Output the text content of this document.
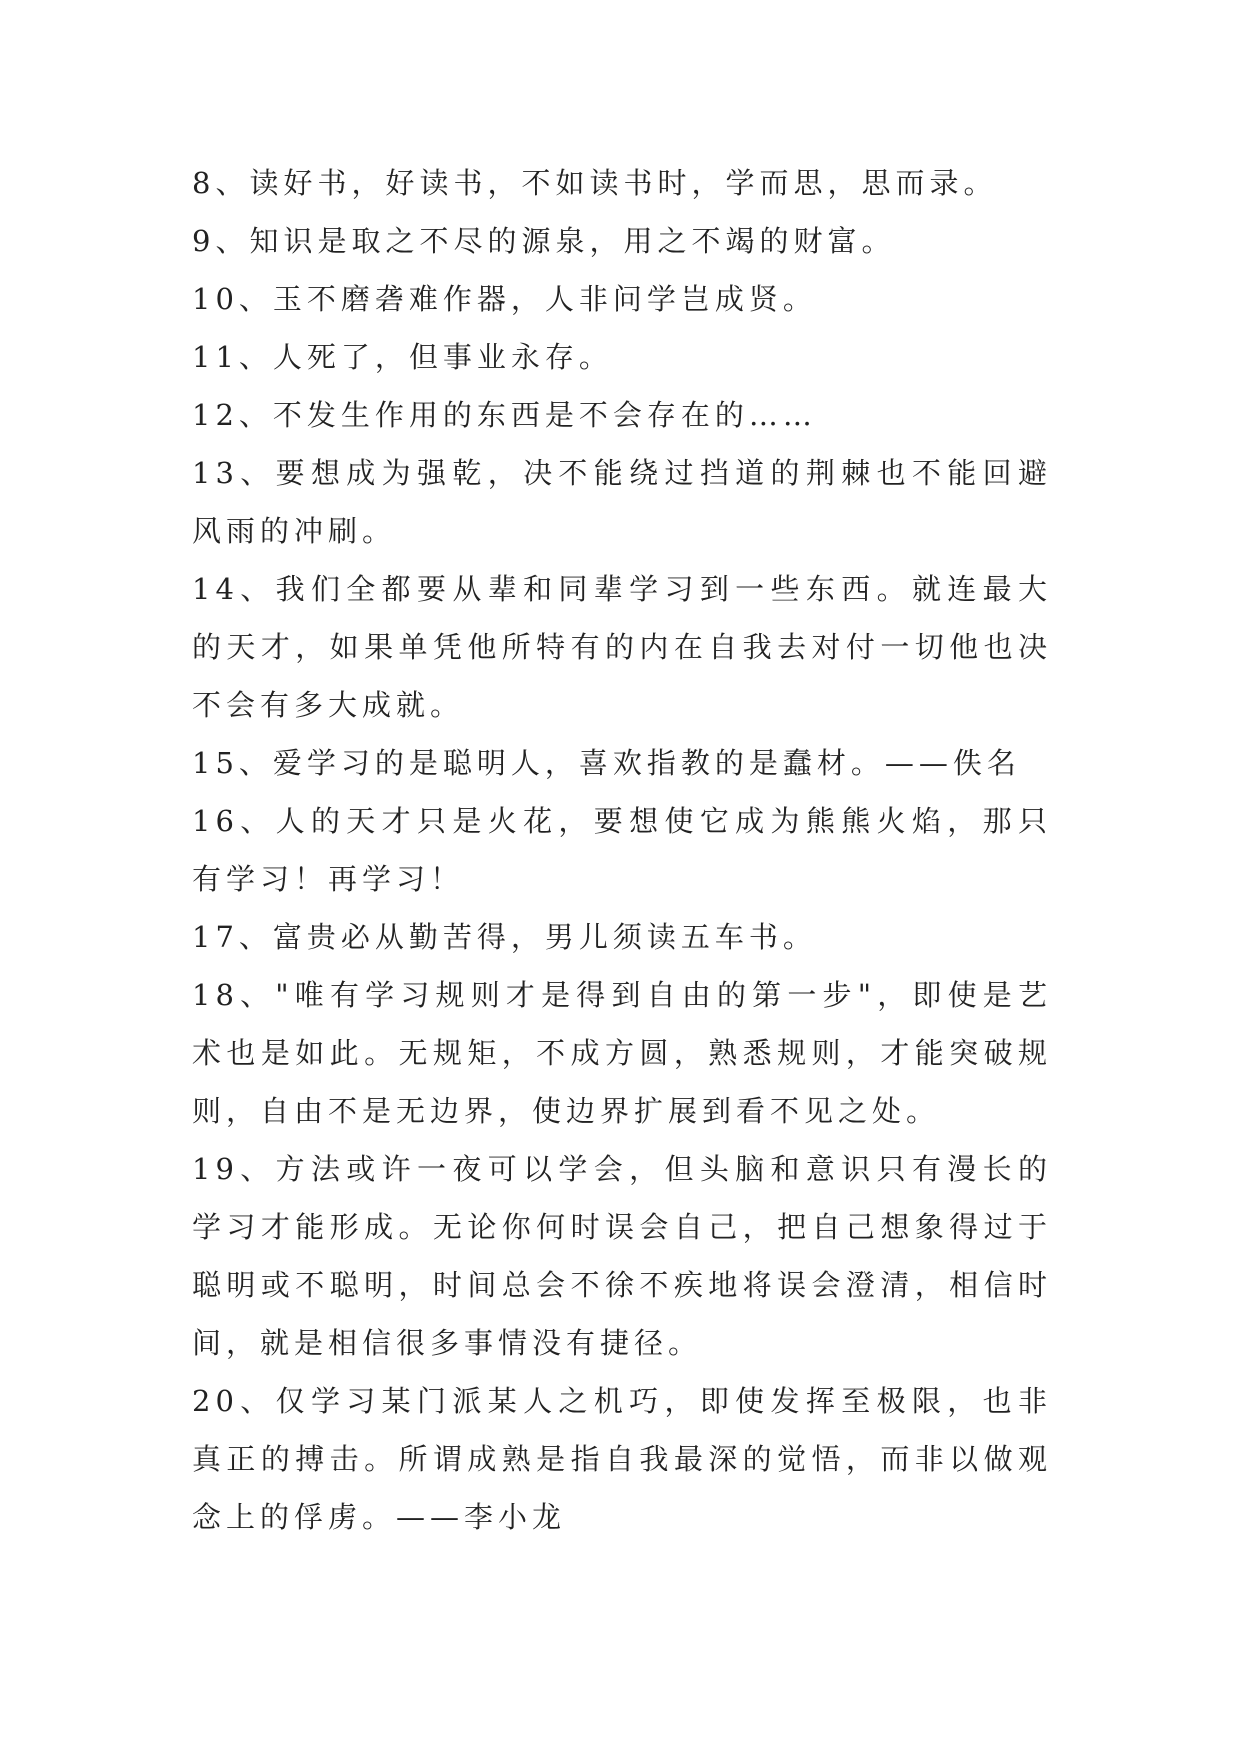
8、读好书，好读书，不如读书时，学而思，思而录。

9、知识是取之不尽的源泉，用之不竭的财富。

10、玉不磨砻难作器，人非问学岂成贤。

11、人死了，但事业永存。

12、不发生作用的东西是不会存在的……

13、要想成为强乾，决不能绕过挡道的荆棘也不能回避风雨的冲刷。

14、我们全都要从辈和同辈学习到一些东西。就连最大的天才，如果单凭他所特有的内在自我去对付一切他也决不会有多大成就。

15、爱学习的是聪明人，喜欢指教的是蠢材。——佚名

16、人的天才只是火花，要想使它成为熊熊火焰，那只有学习！再学习！

17、富贵必从勤苦得，男儿须读五车书。

18、"唯有学习规则才是得到自由的第一步"，即使是艺术也是如此。无规矩，不成方圆，熟悉规则，才能突破规则，自由不是无边界，使边界扩展到看不见之处。

19、方法或许一夜可以学会，但头脑和意识只有漫长的学习才能形成。无论你何时误会自己，把自己想象得过于聪明或不聪明，时间总会不徐不疾地将误会澄清，相信时间，就是相信很多事情没有捷径。

20、仅学习某门派某人之机巧，即使发挥至极限，也非真正的搏击。所谓成熟是指自我最深的觉悟，而非以做观念上的俘虏。——李小龙
